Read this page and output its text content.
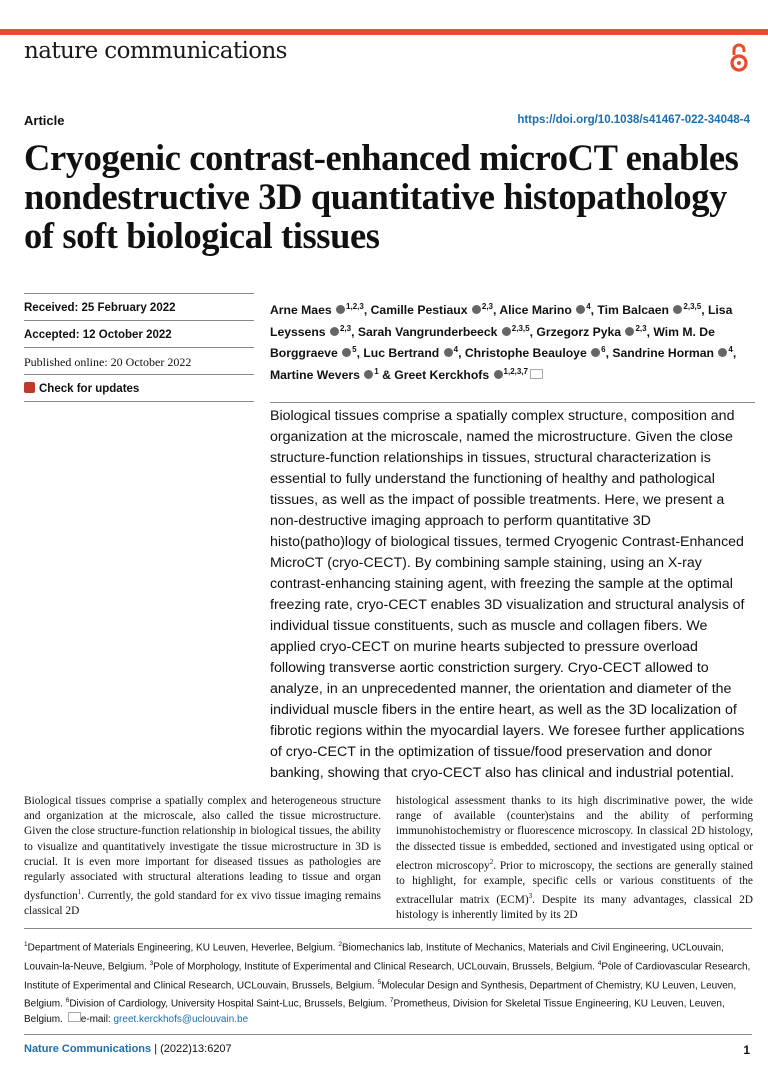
nature communications
Article	https://doi.org/10.1038/s41467-022-34048-4
Cryogenic contrast-enhanced microCT enables nondestructive 3D quantitative histopathology of soft biological tissues
Received: 25 February 2022
Accepted: 12 October 2022
Published online: 20 October 2022
Check for updates
Arne Maes $^{1,2,3}$, Camille Pestiaux $^{2,3}$, Alice Marino $^4$, Tim Balcaen $^{2,3,5}$, Lisa Leyssens $^{2,3}$, Sarah Vangrunderbeeck $^{2,3,5}$, Grzegorz Pyka $^{2,3}$, Wim M. De Borggraeve $^5$, Luc Bertrand $^4$, Christophe Beauloye $^6$, Sandrine Horman $^4$, Martine Wevers $^1$ & Greet Kerckhofs $^{1,2,3,7}$

Biological tissues comprise a spatially complex structure, composition and organization at the microscale, named the microstructure. Given the close structure-function relationships in tissues, structural characterization is essential to fully understand the functioning of healthy and pathological tissues, as well as the impact of possible treatments. Here, we present a non-destructive imaging approach to perform quantitative 3D histo(patho)logy of biological tissues, termed Cryogenic Contrast-Enhanced MicroCT (cryo-CECT). By combining sample staining, using an X-ray contrast-enhancing staining agent, with freezing the sample at the optimal freezing rate, cryo-CECT enables 3D visualization and structural analysis of individual tissue constituents, such as muscle and collagen fibers. We applied cryo-CECT on murine hearts subjected to pressure overload following transverse aortic constriction surgery. Cryo-CECT allowed to analyze, in an unprecedented manner, the orientation and diameter of the individual muscle fibers in the entire heart, as well as the 3D localization of fibrotic regions within the myocardial layers. We foresee further applications of cryo-CECT in the optimization of tissue/food preservation and donor banking, showing that cryo-CECT also has clinical and industrial potential.

Biological tissues comprise a spatially complex and heterogeneous structure and organization at the microscale, also called the tissue microstructure. Given the close structure-function relationship in biological tissues, the ability to visualize and quantitatively investigate the tissue microstructure in 3D is crucial. It is even more important for diseased tissues as pathologies are regularly associated with structural alterations leading to tissue and organ dysfunction$^1$. Currently, the gold standard for ex vivo tissue imaging remains classical 2D

histological assessment thanks to its high discriminative power, the wide range of available (counter)stains and the ability of performing immunohistochemistry or fluorescence microscopy. In classical 2D histology, the dissected tissue is embedded, sectioned and investigated using optical or electron microscopy$^2$. Prior to microscopy, the sections are generally stained to highlight, for example, specific cells or various constituents of the extracellular matrix (ECM)$^3$. Despite its many advantages, classical 2D histology is inherently limited by its 2D

$^1$Department of Materials Engineering, KU Leuven, Heverlee, Belgium. $^2$Biomechanics lab, Institute of Mechanics, Materials and Civil Engineering, UCLouvain, Louvain-la-Neuve, Belgium. $^3$Pole of Morphology, Institute of Experimental and Clinical Research, UCLouvain, Brussels, Belgium. $^4$Pole of Cardiovascular Research, Institute of Experimental and Clinical Research, UCLouvain, Brussels, Belgium. $^5$Molecular Design and Synthesis, Department of Chemistry, KU Leuven, Leuven, Belgium. $^6$Division of Cardiology, University Hospital Saint-Luc, Brussels, Belgium. $^7$Prometheus, Division for Skeletal Tissue Engineering, KU Leuven, Leuven, Belgium. e-mail: greet.kerckhofs@uclouvain.be

Nature Communications | (2022)13:6207	1
